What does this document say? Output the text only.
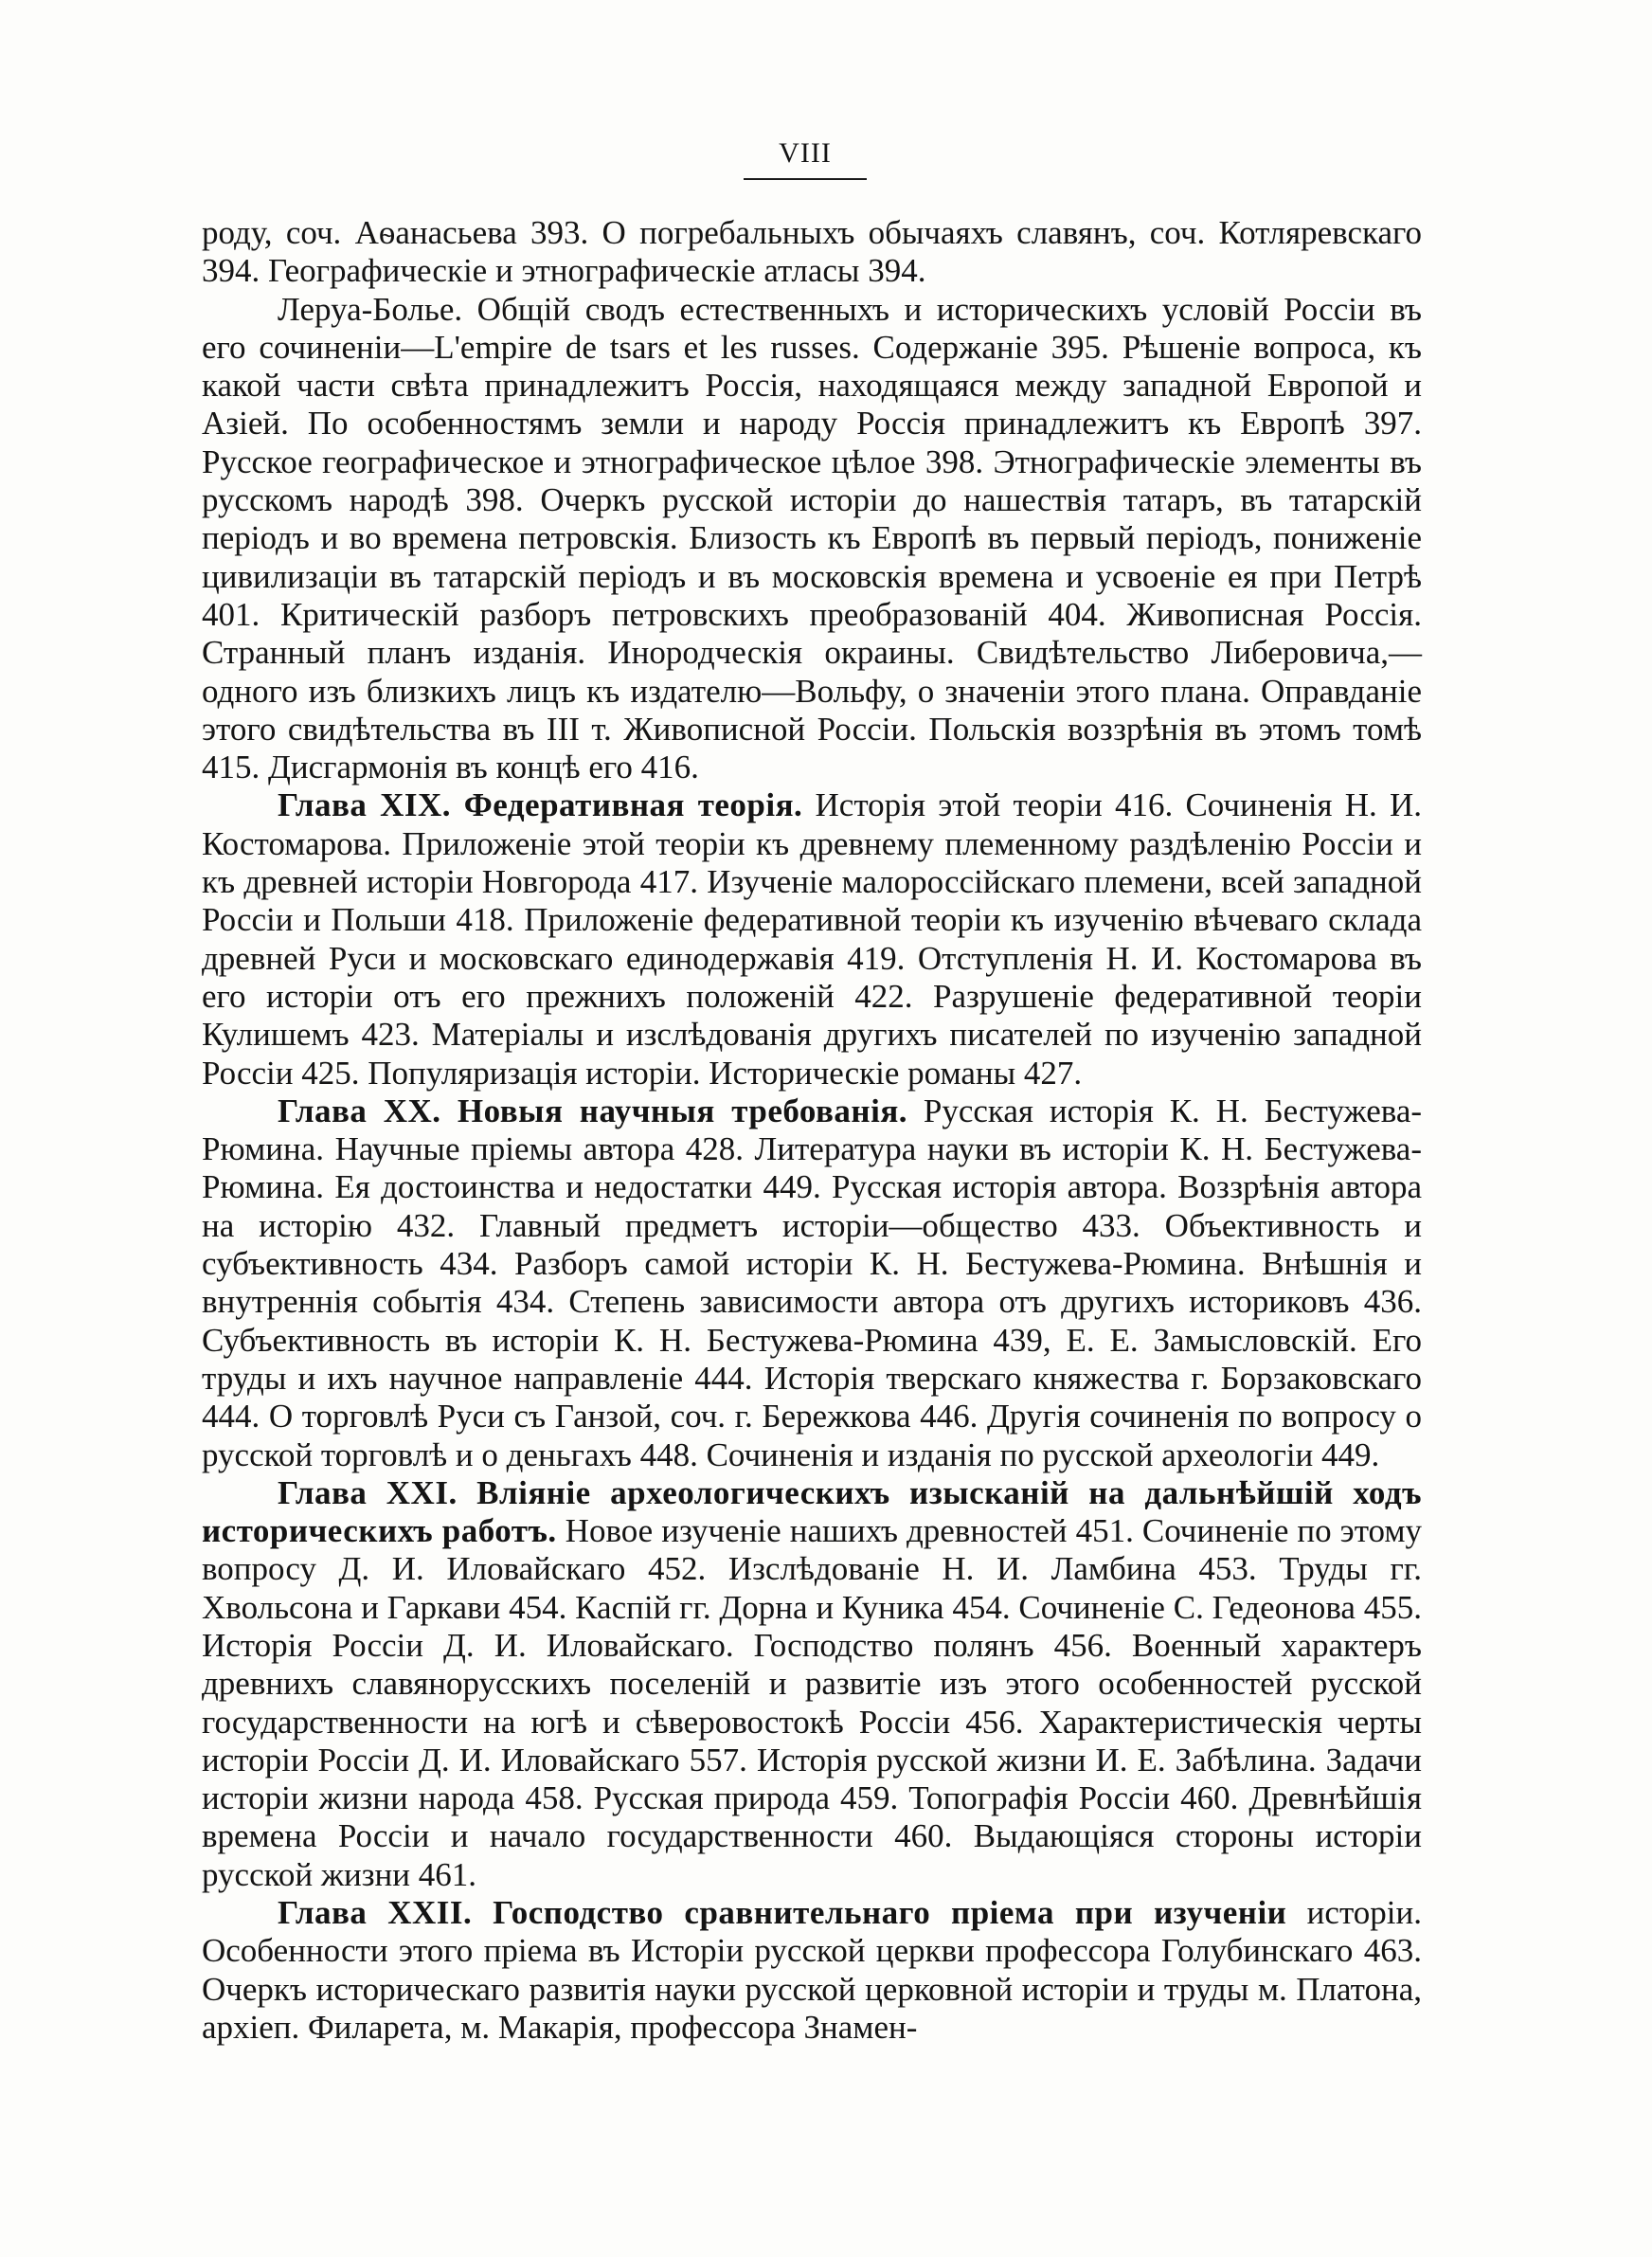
VIII

роду, соч. Аѳанасьева 393. О погребальныхъ обычаяхъ славянъ, соч. Котляревскаго 394. Географическіе и этнографическіе атласы 394.

Леруа-Болье. Общій сводъ естественныхъ и историческихъ условій Россіи въ его сочиненіи—L'empire de tsars et les russes. Содержаніе 395. Рѣшеніе вопроса, къ какой части свѣта принадлежитъ Россія, находящаяся между западной Европой и Азіей. По особенностямъ земли и народу Россія принадлежитъ къ Европѣ 397. Русское географическое и этнографическое цѣлое 398. Этнографическіе элементы въ русскомъ народѣ 398. Очеркъ русской исторіи до нашествія татаръ, въ татарскій періодъ и во времена петровскія. Близость къ Европѣ въ первый періодъ, пониженіе цивилизаціи въ татарскій періодъ и въ московскія времена и усвоеніе ея при Петрѣ 401. Критическій разборъ петровскихъ преобразованій 404. Живописная Россія. Странный планъ изданія. Инородческія окраины. Свидѣтельство Либеровича,—одного изъ близкихъ лицъ къ издателю—Вольфу, о значеніи этого плана. Оправданіе этого свидѣтельства въ III т. Живописной Россіи. Польскія воззрѣнія въ этомъ томѣ 415. Дисгармонія въ концѣ его 416.

Глава XIX. Федеративная теорія. Исторія этой теоріи 416. Сочиненія Н. И. Костомарова. Приложеніе этой теоріи къ древнему племенному раздѣленію Россіи и къ древней исторіи Новгорода 417. Изученіе малороссійскаго племени, всей западной Россіи и Польши 418. Приложеніе федеративной теоріи къ изученію вѣчеваго склада древней Руси и московскаго единодержавія 419. Отступленія Н. И. Костомарова въ его исторіи отъ его прежнихъ положеній 422. Разрушеніе федеративной теоріи Кулишемъ 423. Матеріалы и изслѣдованія другихъ писателей по изученію западной Россіи 425. Популяризація исторіи. Историческіе романы 427.

Глава XX. Новыя научныя требованія. Русская исторія К. Н. Бестужева-Рюмина. Научные пріемы автора 428. Литература науки въ исторіи К. Н. Бестужева-Рюмина. Ея достоинства и недостатки 449. Русская исторія автора. Воззрѣнія автора на исторію 432. Главный предметъ исторіи—общество 433. Объективность и субъективность 434. Разборъ самой исторіи К. Н. Бестужева-Рюмина. Внѣшнія и внутреннія событія 434. Степень зависимости автора отъ другихъ историковъ 436. Субъективность въ исторіи К. Н. Бестужева-Рюмина 439, Е. Е. Замысловскій. Его труды и ихъ научное направленіе 444. Исторія тверскаго княжества г. Борзаковскаго 444. О торговлѣ Руси съ Ганзой, соч. г. Бережкова 446. Другія сочиненія по вопросу о русской торговлѣ и о деньгахъ 448. Сочиненія и изданія по русской археологіи 449.

Глава XXI. Вліяніе археологическихъ изысканій на дальнѣйшій ходъ историческихъ работъ. Новое изученіе нашихъ древностей 451. Сочиненіе по этому вопросу Д. И. Иловайскаго 452. Изслѣдованіе Н. И. Ламбина 453. Труды гг. Хвольсона и Гаркави 454. Каспій гг. Дорна и Куника 454. Сочиненіе С. Гедеонова 455. Исторія Россіи Д. И. Иловайскаго. Господство полянъ 456. Военный характеръ древнихъ славянорусскихъ поселеній и развитіе изъ этого особенностей русской государственности на югѣ и сѣверовостокѣ Россіи 456. Характеристическія черты исторіи Россіи Д. И. Иловайскаго 557. Исторія русской жизни И. Е. Забѣлина. Задачи исторіи жизни народа 458. Русская природа 459. Топографія Россіи 460. Древнѣйшія времена Россіи и начало государственности 460. Выдающіяся стороны исторіи русской жизни 461.

Глава XXII. Господство сравнительнаго пріема при изученіи исторіи. Особенности этого пріема въ Исторіи русской церкви профессора Голубинскаго 463. Очеркъ историческаго развитія науки русской церковной исторіи и труды м. Платона, архіеп. Филарета, м. Макарія, профессора Знамен-
